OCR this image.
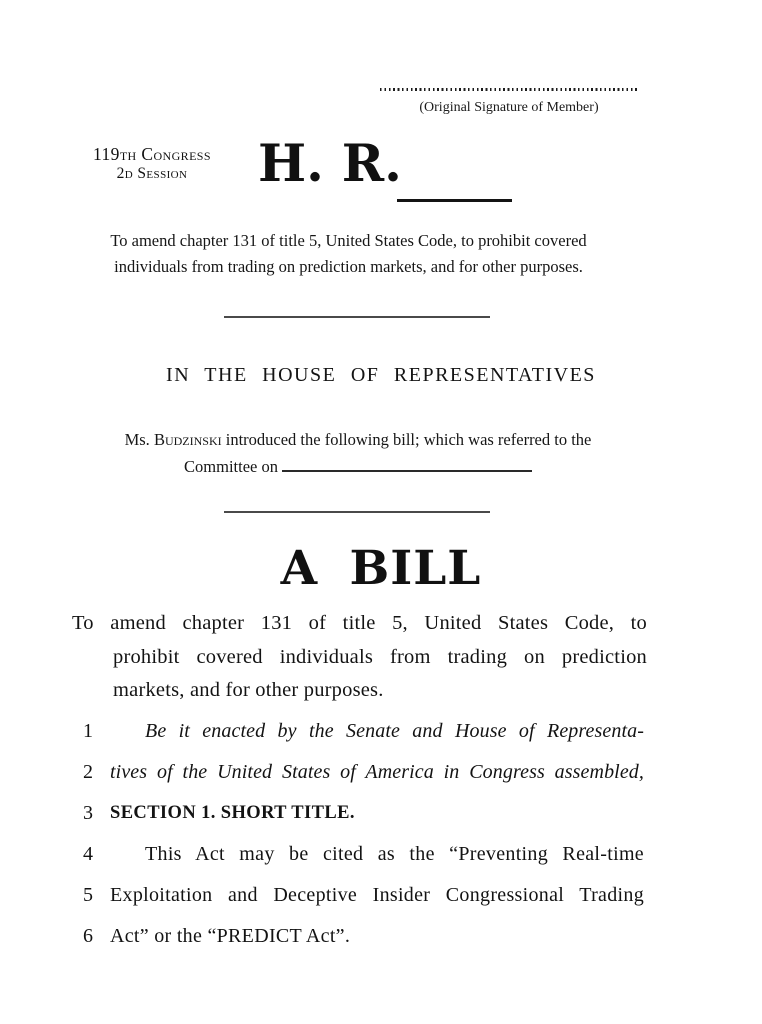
(Original Signature of Member)
119th Congress
2d Session	H. R.
To amend chapter 131 of title 5, United States Code, to prohibit covered individuals from trading on prediction markets, and for other purposes.
IN THE HOUSE OF REPRESENTATIVES
Ms. Budzinski introduced the following bill; which was referred to the
Committee on
A BILL
To amend chapter 131 of title 5, United States Code, to
prohibit covered individuals from trading on prediction
markets, and for other purposes.
1	Be it enacted by the Senate and House of Representa-
2 tives of the United States of America in Congress assembled,
3 SECTION 1. SHORT TITLE.
4	This Act may be cited as the “Preventing Real-time
5 Exploitation and Deceptive Insider Congressional Trading
6 Act” or the “PREDICT Act”.
